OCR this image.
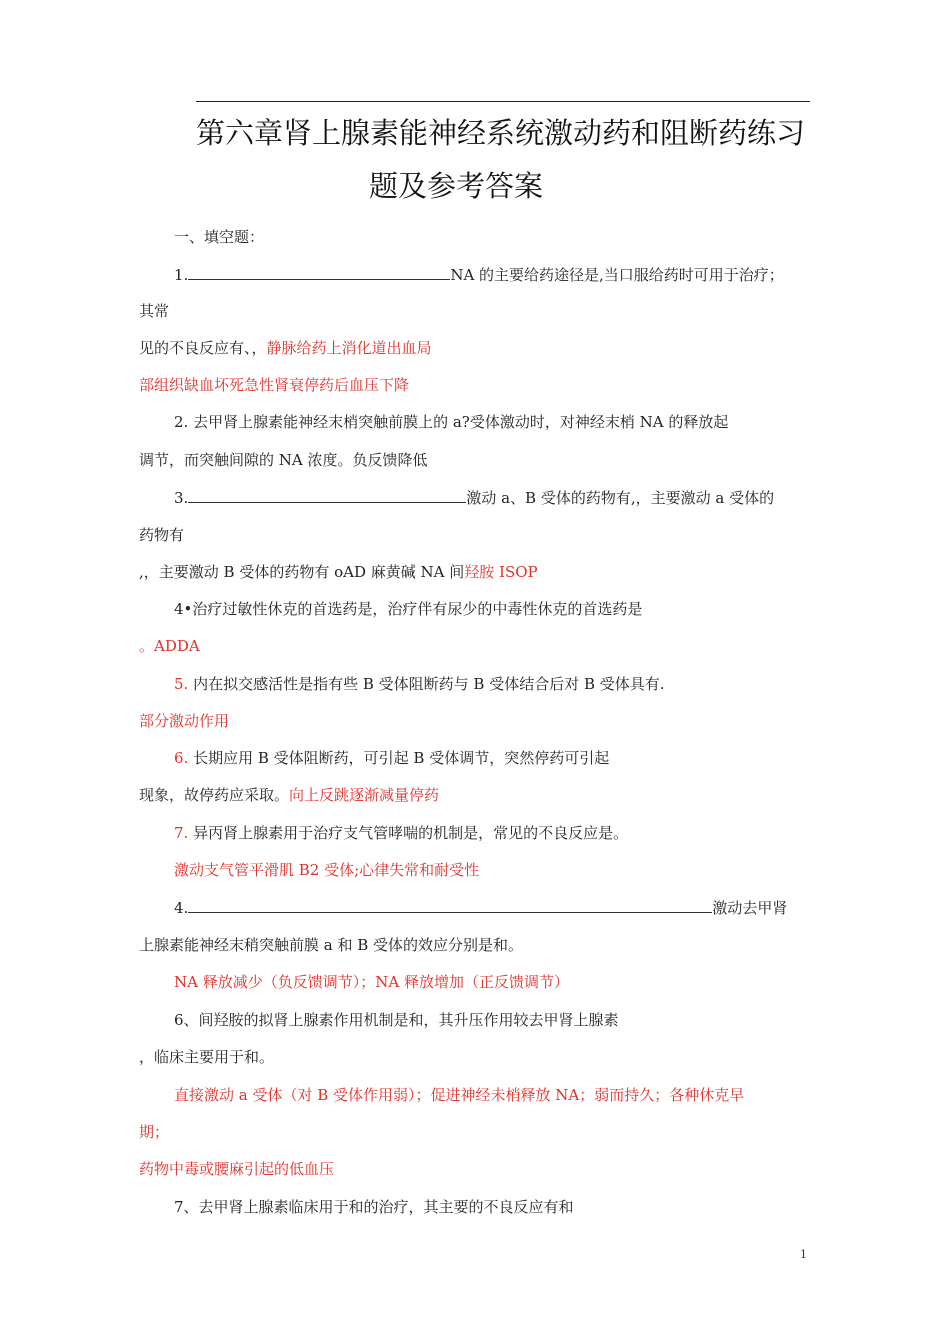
第六章肾上腺素能神经系统激动药和阻断药练习
题及参考答案
一、填空题：
1.	NA 的主要给药途径是,当口服给药时可用于治疗；
其常
见的不良反应有、，静脉给药上消化道出血局
部组织缺血坏死急性肾衰停药后血压下降
2. 去甲肾上腺素能神经末梢突触前膜上的 a?受体激动时，对神经末梢 NA 的释放起
调节，而突触间隙的 NA 浓度。负反馈降低
3.	激动 a、B 受体的药物有,，主要激动 a 受体的
药物有
,，主要激动 B 受体的药物有 oAD 麻黄碱 NA 间羟胺 ISOP
4•治疗过敏性休克的首选药是，治疗伴有尿少的中毒性休克的首选药是
。ADDA
5. 内在拟交感活性是指有些 B 受体阻断药与 B 受体结合后对 B 受体具有.
部分激动作用
6. 长期应用 B 受体阻断药，可引起 B 受体调节，突然停药可引起
现象，故停药应采取。向上反跳逐渐减量停药
7. 异丙肾上腺素用于治疗支气管哮喘的机制是，常见的不良反应是。
激动支气管平滑肌 B2 受体;心律失常和耐受性
4.	激动去甲肾
上腺素能神经末稍突触前膜 a 和 B 受体的效应分别是和。
NA 释放减少（负反馈调节）；NA 释放增加（正反馈调节）
6、间羟胺的拟肾上腺素作用机制是和，其升压作用较去甲肾上腺素
，临床主要用于和。
直接激动 a 受体（对 B 受体作用弱）；促进神经未梢释放 NA；弱而持久；各种休克早
期；
药物中毒或腰麻引起的低血压
7、去甲肾上腺素临床用于和的治疗，其主要的不良反应有和
1
